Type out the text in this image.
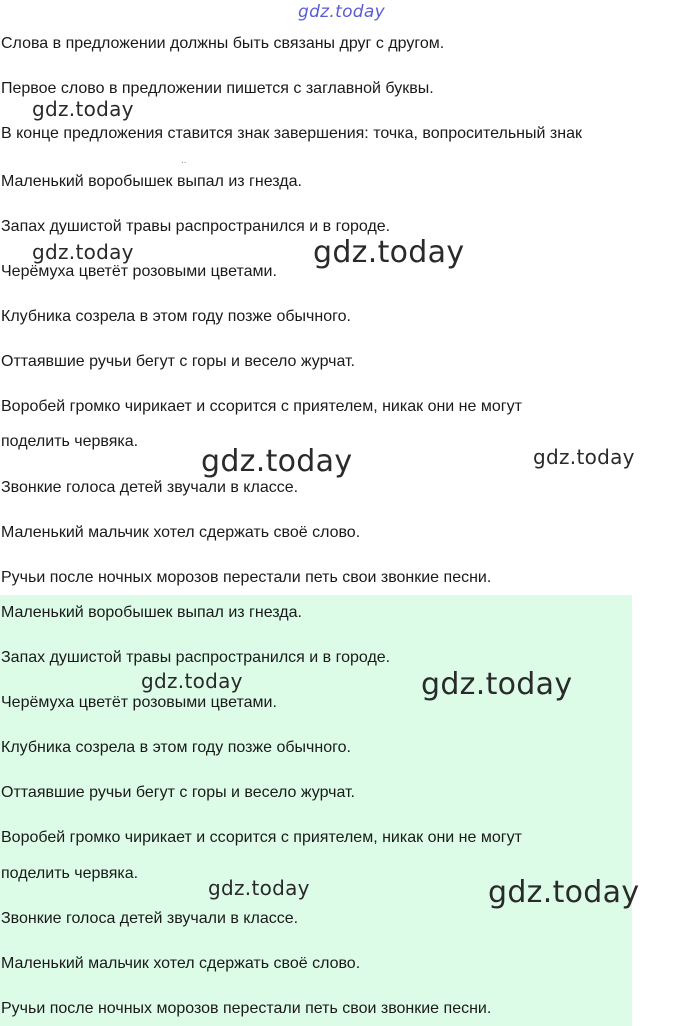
gdz.today

Слова в предложении должны быть связаны друг с другом.

Первое слово в предложении пишется с заглавной буквы.

В конце предложения ставится знак завершения: точка, вопросительный знак

..

Маленький воробышек выпал из гнезда.

Запах душистой травы распространился и в городе.

Черёмуха цветёт розовыми цветами.

Клубника созрела в этом году позже обычного.

Оттаявшие ручьи бегут с горы и весело журчат.

Воробей громко чирикает и ссорится с приятелем, никак они не могут

поделить червяка.

Звонкие голоса детей звучали в классе.

Маленький мальчик хотел сдержать своё слово.

Ручьи после ночных морозов перестали петь свои звонкие песни.

Маленький воробышек выпал из гнезда.

Запах душистой травы распространился и в городе.

Черёмуха цветёт розовыми цветами.

Клубника созрела в этом году позже обычного.

Оттаявшие ручьи бегут с горы и весело журчат.

Воробей громко чирикает и ссорится с приятелем, никак они не могут

поделить червяка.

Звонкие голоса детей звучали в классе.

Маленький мальчик хотел сдержать своё слово.

Ручьи после ночных морозов перестали петь свои звонкие песни.

gdz.today
gdz.today	gdz.today
gdz.today	gdz.today
gdz.today	gdz.today
gdz.today	gdz.today
